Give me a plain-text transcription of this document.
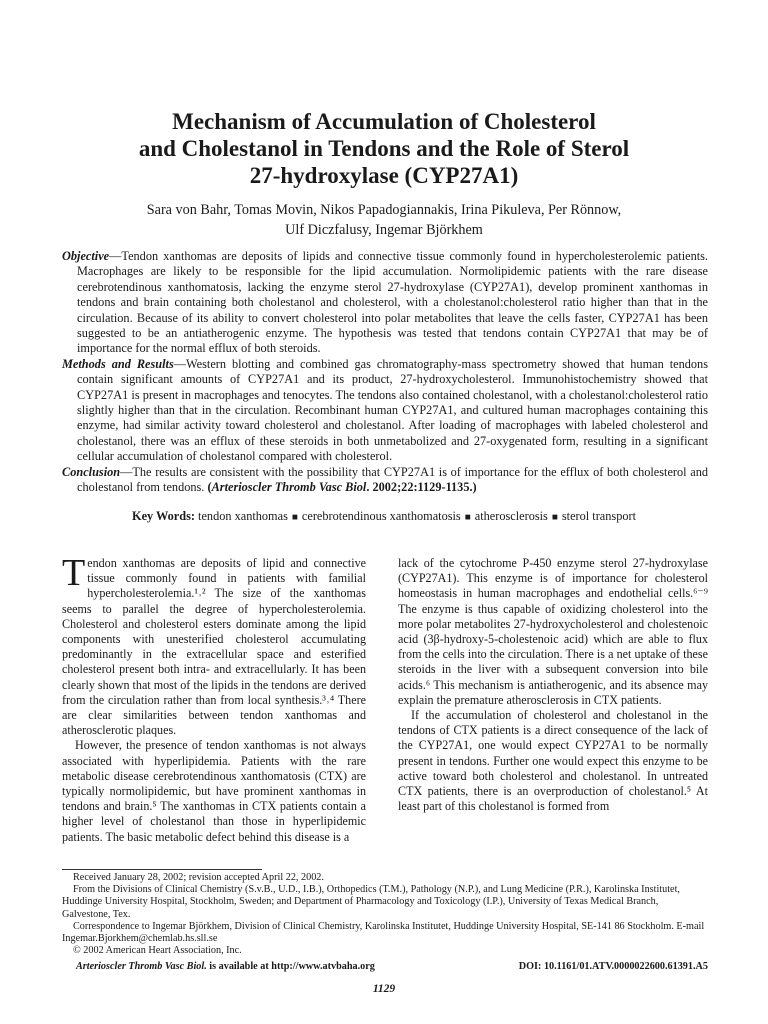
Mechanism of Accumulation of Cholesterol
and Cholestanol in Tendons and the Role of Sterol
27-hydroxylase (CYP27A1)
Sara von Bahr, Tomas Movin, Nikos Papadogiannakis, Irina Pikuleva, Per Rönnow,
Ulf Diczfalusy, Ingemar Björkhem
Objective—Tendon xanthomas are deposits of lipids and connective tissue commonly found in hypercholesterolemic patients. Macrophages are likely to be responsible for the lipid accumulation. Normolipidemic patients with the rare disease cerebrotendinous xanthomatosis, lacking the enzyme sterol 27-hydroxylase (CYP27A1), develop prominent xanthomas in tendons and brain containing both cholestanol and cholesterol, with a cholestanol:cholesterol ratio higher than that in the circulation. Because of its ability to convert cholesterol into polar metabolites that leave the cells faster, CYP27A1 has been suggested to be an antiatherogenic enzyme. The hypothesis was tested that tendons contain CYP27A1 that may be of importance for the normal efflux of both steroids.
Methods and Results—Western blotting and combined gas chromatography-mass spectrometry showed that human tendons contain significant amounts of CYP27A1 and its product, 27-hydroxycholesterol. Immunohistochemistry showed that CYP27A1 is present in macrophages and tenocytes. The tendons also contained cholestanol, with a cholestanol:cholesterol ratio slightly higher than that in the circulation. Recombinant human CYP27A1, and cultured human macrophages containing this enzyme, had similar activity toward cholesterol and cholestanol. After loading of macrophages with labeled cholesterol and cholestanol, there was an efflux of these steroids in both unmetabolized and 27-oxygenated form, resulting in a significant cellular accumulation of cholestanol compared with cholesterol.
Conclusion—The results are consistent with the possibility that CYP27A1 is of importance for the efflux of both cholesterol and cholestanol from tendons. (Arterioscler Thromb Vasc Biol. 2002;22:1129-1135.)
Key Words: tendon xanthomas ■ cerebrotendinous xanthomatosis ■ atherosclerosis ■ sterol transport

Tendon xanthomas are deposits of lipid and connective tissue commonly found in patients with familial hypercholesterolemia.¹˒² The size of the xanthomas seems to parallel the degree of hypercholesterolemia. Cholesterol and cholesterol esters dominate among the lipid components with unesterified cholesterol accumulating predominantly in the extracellular space and esterified cholesterol present both intra- and extracellularly. It has been clearly shown that most of the lipids in the tendons are derived from the circulation rather than from local synthesis.³˒⁴ There are clear similarities between tendon xanthomas and atherosclerotic plaques.

However, the presence of tendon xanthomas is not always associated with hyperlipidemia. Patients with the rare metabolic disease cerebrotendinous xanthomatosis (CTX) are typically normolipidemic, but have prominent xanthomas in tendons and brain.⁵ The xanthomas in CTX patients contain a higher level of cholestanol than those in hyperlipidemic patients. The basic metabolic defect behind this disease is a

lack of the cytochrome P-450 enzyme sterol 27-hydroxylase (CYP27A1). This enzyme is of importance for cholesterol homeostasis in human macrophages and endothelial cells.⁶⁻⁹ The enzyme is thus capable of oxidizing cholesterol into the more polar metabolites 27-hydroxycholesterol and cholestenoic acid (3β-hydroxy-5-cholestenoic acid) which are able to flux from the cells into the circulation. There is a net uptake of these steroids in the liver with a subsequent conversion into bile acids.⁶ This mechanism is antiatherogenic, and its absence may explain the premature atherosclerosis in CTX patients.

If the accumulation of cholesterol and cholestanol in the tendons of CTX patients is a direct consequence of the lack of the CYP27A1, one would expect CYP27A1 to be normally present in tendons. Further one would expect this enzyme to be active toward both cholesterol and cholestanol. In untreated CTX patients, there is an overproduction of cholestanol.⁵ At least part of this cholestanol is formed from

Received January 28, 2002; revision accepted April 22, 2002.

From the Divisions of Clinical Chemistry (S.v.B., U.D., I.B.), Orthopedics (T.M.), Pathology (N.P.), and Lung Medicine (P.R.), Karolinska Institutet, Huddinge University Hospital, Stockholm, Sweden; and Department of Pharmacology and Toxicology (I.P.), University of Texas Medical Branch, Galvestone, Tex.

Correspondence to Ingemar Björkhem, Division of Clinical Chemistry, Karolinska Institutet, Huddinge University Hospital, SE-141 86 Stockholm. E-mail Ingemar.Bjorkhem@chemlab.hs.sll.se

© 2002 American Heart Association, Inc.

Arterioscler Thromb Vasc Biol. is available at http://www.atvbaha.org	DOI: 10.1161/01.ATV.0000022600.61391.A5
1129
